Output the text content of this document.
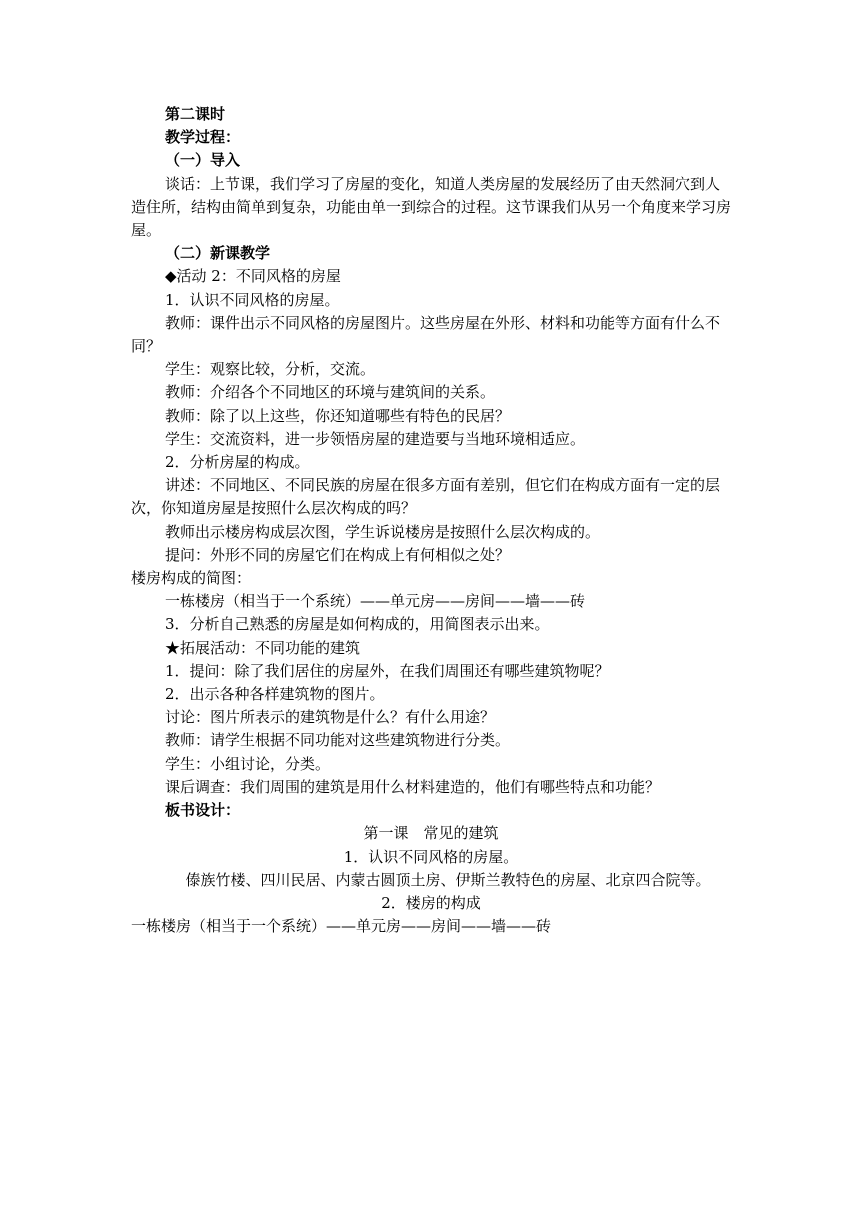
第二课时

教学过程：

（一）导入

谈话：上节课，我们学习了房屋的变化，知道人类房屋的发展经历了由天然洞穴到人造住所，结构由简单到复杂，功能由单一到综合的过程。这节课我们从另一个角度来学习房屋。

（二）新课教学

◆活动 2：不同风格的房屋

1．认识不同风格的房屋。

教师：课件出示不同风格的房屋图片。这些房屋在外形、材料和功能等方面有什么不同？

学生：观察比较，分析，交流。

教师：介绍各个不同地区的环境与建筑间的关系。

教师：除了以上这些，你还知道哪些有特色的民居？

学生：交流资料，进一步领悟房屋的建造要与当地环境相适应。

2．分析房屋的构成。

讲述：不同地区、不同民族的房屋在很多方面有差别，但它们在构成方面有一定的层次，你知道房屋是按照什么层次构成的吗？

教师出示楼房构成层次图，学生诉说楼房是按照什么层次构成的。

提问：外形不同的房屋它们在构成上有何相似之处？

楼房构成的简图：

一栋楼房（相当于一个系统）——单元房——房间——墙——砖

3．分析自己熟悉的房屋是如何构成的，用简图表示出来。

★拓展活动：不同功能的建筑

1．提问：除了我们居住的房屋外，在我们周围还有哪些建筑物呢？

2．出示各种各样建筑物的图片。

讨论：图片所表示的建筑物是什么？有什么用途？

教师：请学生根据不同功能对这些建筑物进行分类。

学生：小组讨论，分类。

课后调查：我们周围的建筑是用什么材料建造的，他们有哪些特点和功能？

板书设计：

第一课　常见的建筑

1．认识不同风格的房屋。

傣族竹楼、四川民居、内蒙古圆顶土房、伊斯兰教特色的房屋、北京四合院等。

2．楼房的构成

一栋楼房（相当于一个系统）——单元房——房间——墙——砖
